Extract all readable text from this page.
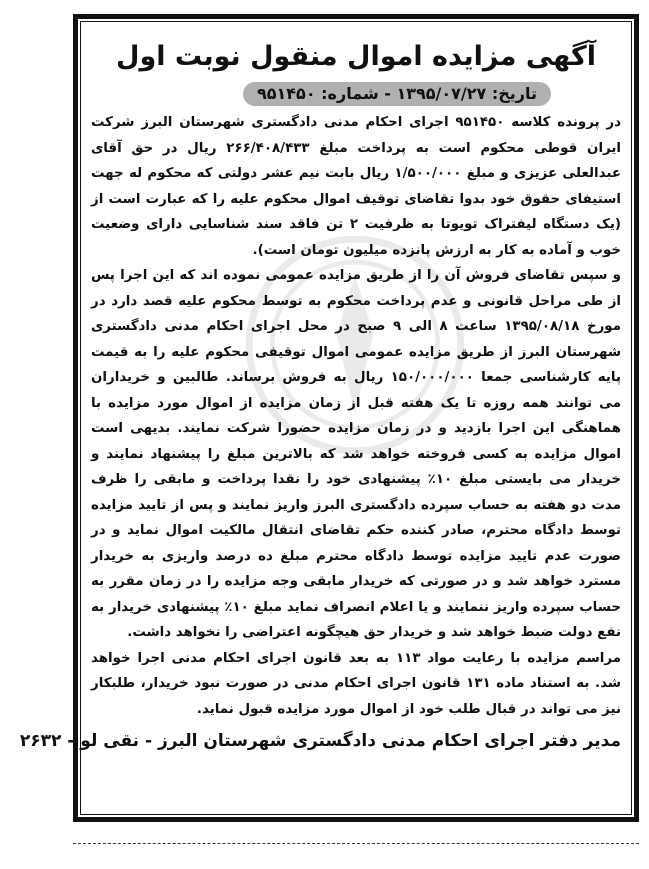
آگهی مزایده اموال منقول نوبت اول
تاریخ: ۱۳۹۵/۰۷/۲۷ - شماره: ۹۵۱۴۵۰

در پرونده کلاسه ۹۵۱۴۵۰ اجرای احکام مدنی دادگستری شهرستان البرز شرکت ایران قوطی محکوم است به پرداخت مبلغ ۲۶۶/۴۰۸/۴۳۳ ریال در حق آقای عبدالعلی عزیزی و مبلغ ۱/۵۰۰/۰۰۰ ریال بابت نیم عشر دولتی که محکوم له جهت استیفای حقوق خود بدوا تقاضای توقیف اموال محکوم علیه را که عبارت است از (یک دستگاه لیفتراک تویوتا به ظرفیت ۲ تن فاقد سند شناسایی دارای وضعیت خوب و آماده به کار به ارزش پانزده میلیون تومان است).

و سپس تقاضای فروش آن را از طریق مزایده عمومی نموده اند که این اجرا پس از طی مراحل قانونی و عدم پرداخت محکوم به توسط محکوم علیه قصد دارد در مورخ ۱۳۹۵/۰۸/۱۸ ساعت ۸ الی ۹ صبح در محل اجرای احکام مدنی دادگستری شهرستان البرز از طریق مزایده عمومی اموال توقیفی محکوم علیه را به قیمت پایه کارشناسی جمعا ۱۵۰/۰۰۰/۰۰۰ ریال به فروش برساند. طالبین و خریداران می توانند همه روزه تا یک هفته قبل از زمان مزایده از اموال مورد مزایده با هماهنگی این اجرا بازدید و در زمان مزایده حضورا شرکت نمایند. بدیهی است اموال مزایده به کسی فروخته خواهد شد که بالاترین مبلغ را پیشنهاد نمایند و خریدار می بایستی مبلغ ۱۰٪ پیشنهادی خود را نقدا پرداخت و مابقی را ظرف مدت دو هفته به حساب سپرده دادگستری البرز واریز نمایند و پس از تایید مزایده توسط دادگاه محترم، صادر کننده حکم تقاضای انتقال مالکیت اموال نماید و در صورت عدم تایید مزایده توسط دادگاه محترم مبلغ ده درصد واریزی به خریدار مسترد خواهد شد و در صورتی که خریدار مابقی وجه مزایده را در زمان مقرر به حساب سپرده واریز ننمایند و یا اعلام انصراف نماید مبلغ ۱۰٪ پیشنهادی خریدار به نفع دولت ضبط خواهد شد و خریدار حق هیچگونه اعتراضی را نخواهد داشت.

مراسم مزایده با رعایت مواد ۱۱۳ به بعد قانون اجرای احکام مدنی اجرا خواهد شد. به استناد ماده ۱۳۱ قانون اجرای احکام مدنی در صورت نبود خریدار، طلبکار نیز می تواند در قبال طلب خود از اموال مورد مزایده قبول نماید.

مدیر دفتر اجرای احکام مدنی دادگستری شهرستان البرز - نقی لو - ۲۶۳۲
